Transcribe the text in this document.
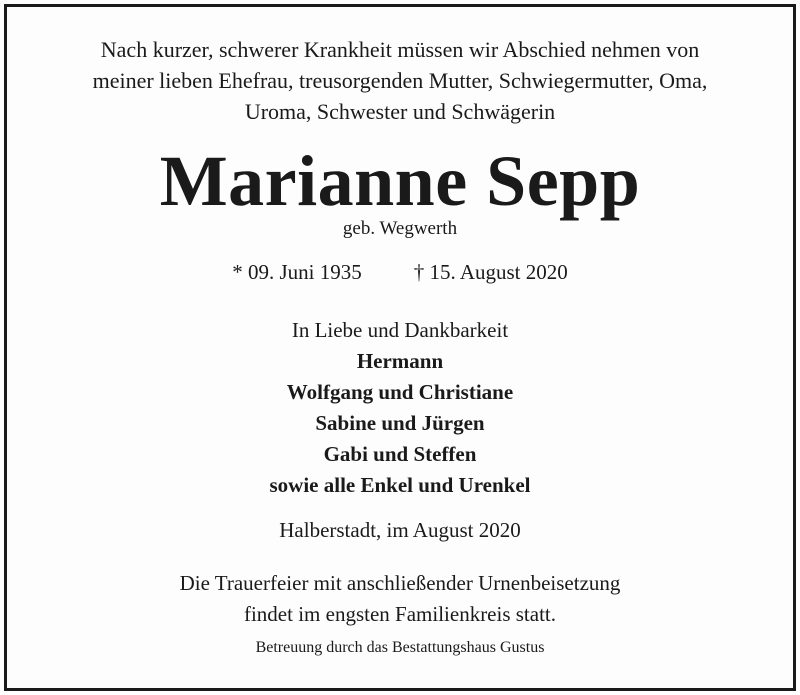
Nach kurzer, schwerer Krankheit müssen wir Abschied nehmen von
meiner lieben Ehefrau, treusorgenden Mutter, Schwiegermutter, Oma,
Uroma, Schwester und Schwägerin
Marianne Sepp
geb. Wegwerth
* 09. Juni 1935 † 15. August 2020
In Liebe und Dankbarkeit
Hermann
Wolfgang und Christiane
Sabine und Jürgen
Gabi und Steffen
sowie alle Enkel und Urenkel
Halberstadt, im August 2020
Die Trauerfeier mit anschließender Urnenbeisetzung
findet im engsten Familienkreis statt.
Betreuung durch das Bestattungshaus Gustus
